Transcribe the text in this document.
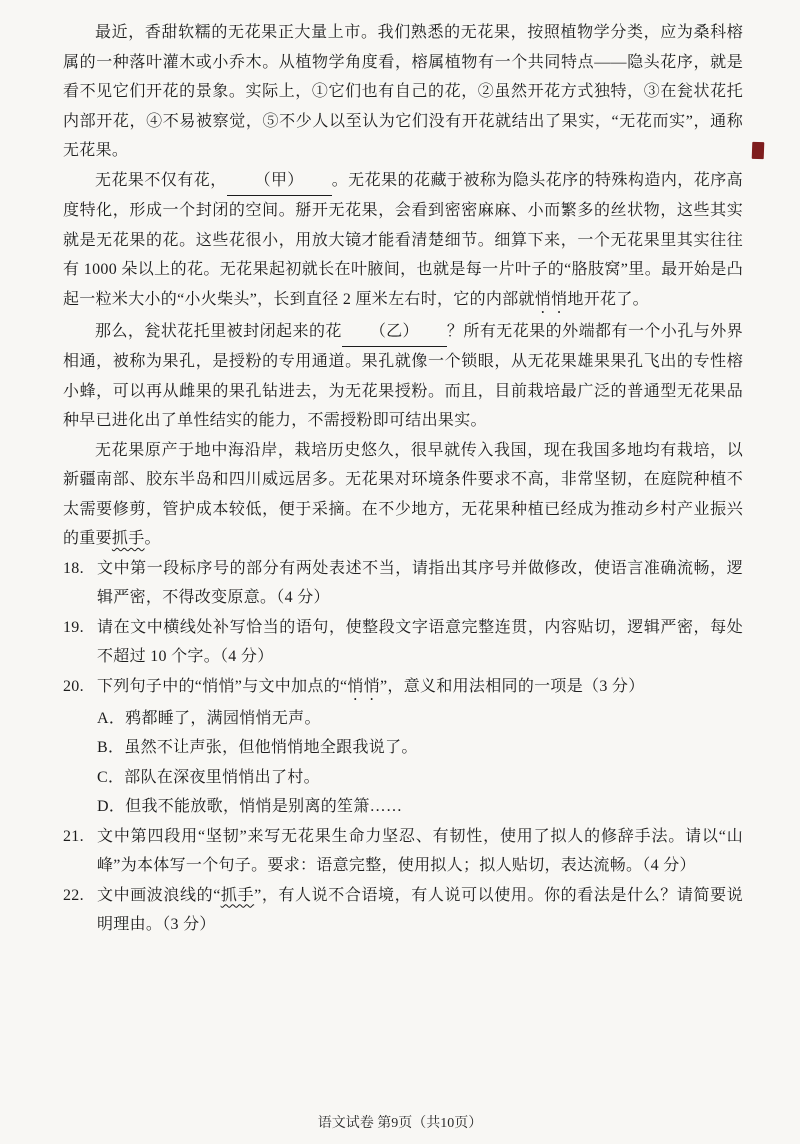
最近，香甜软糯的无花果正大量上市。我们熟悉的无花果，按照植物学分类，应为桑科榕属的一种落叶灌木或小乔木。从植物学角度看，榕属植物有一个共同特点——隐头花序，就是看不见它们开花的景象。实际上，①它们也有自己的花，②虽然开花方式独特，③在瓮状花托内部开花，④不易被察觉，⑤不少人以至认为它们没有开花就结出了果实，“无花而实”，通称无花果。

无花果不仅有花， （甲） 。无花果的花藏于被称为隐头花序的特殊构造内，花序高度特化，形成一个封闭的空间。掰开无花果，会看到密密麻麻、小而繁多的丝状物，这些其实就是无花果的花。这些花很小，用放大镜才能看清楚细节。细算下来，一个无花果里其实往往有 1000 朵以上的花。无花果起初就长在叶腋间，也就是每一片叶子的“胳肢窝”里。最开始是凸起一粒米大小的“小火柴头”，长到直径 2 厘米左右时，它的内部就悄悄地开花了。

那么，瓮状花托里被封闭起来的花 （乙） ？所有无花果的外端都有一个小孔与外界相通，被称为果孔，是授粉的专用通道。果孔就像一个锁眼，从无花果雄果果孔飞出的专性榕小蜂，可以再从雌果的果孔钻进去，为无花果授粉。而且，目前栽培最广泛的普通型无花果品种早已进化出了单性结实的能力，不需授粉即可结出果实。

无花果原产于地中海沿岸，栽培历史悠久，很早就传入我国，现在我国多地均有栽培，以新疆南部、胶东半岛和四川威远居多。无花果对环境条件要求不高，非常坚韧，在庭院种植不太需要修剪，管护成本较低，便于采摘。在不少地方，无花果种植已经成为推动乡村产业振兴的重要抓手。

18. 文中第一段标序号的部分有两处表述不当，请指出其序号并做修改，使语言准确流畅，逻辑严密，不得改变原意。（4 分）
19. 请在文中横线处补写恰当的语句，使整段文字语意完整连贯，内容贴切，逻辑严密，每处不超过 10 个字。（4 分）
20. 下列句子中的“悄悄”与文中加点的“悄悄”，意义和用法相同的一项是（3 分）
A．鸦都睡了，满园悄悄无声。
B．虽然不让声张，但他悄悄地全跟我说了。
C．部队在深夜里悄悄出了村。
D．但我不能放歌，悄悄是别离的笙箫……
21. 文中第四段用“坚韧”来写无花果生命力坚忍、有韧性，使用了拟人的修辞手法。请以“山峰”为本体写一个句子。要求：语意完整，使用拟人；拟人贴切，表达流畅。（4 分）
22. 文中画波浪线的“抓手”，有人说不合语境，有人说可以使用。你的看法是什么？请简要说明理由。（3 分）
语文试卷 第9页（共10页）
